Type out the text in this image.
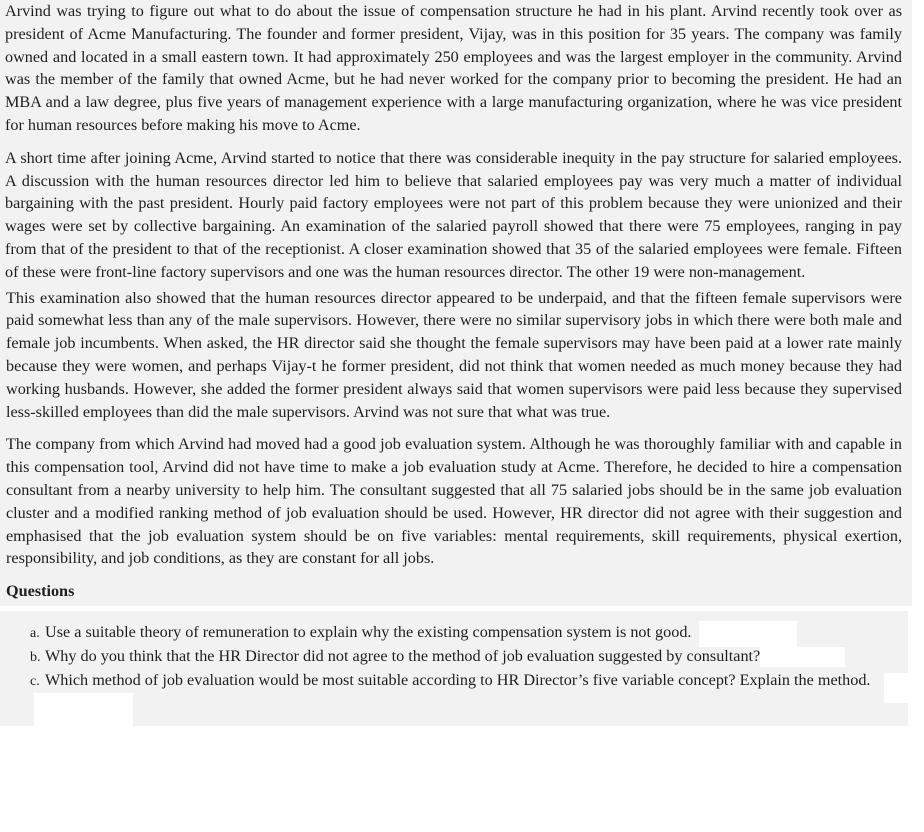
Arvind was trying to figure out what to do about the issue of compensation structure he had in his plant. Arvind recently took over as president of Acme Manufacturing. The founder and former president, Vijay, was in this position for 35 years. The company was family owned and located in a small eastern town. It had approximately 250 employees and was the largest employer in the community. Arvind was the member of the family that owned Acme, but he had never worked for the company prior to becoming the president. He had an MBA and a law degree, plus five years of management experience with a large manufacturing organization, where he was vice president for human resources before making his move to Acme.

A short time after joining Acme, Arvind started to notice that there was considerable inequity in the pay structure for salaried employees. A discussion with the human resources director led him to believe that salaried employees pay was very much a matter of individual bargaining with the past president. Hourly paid factory employees were not part of this problem because they were unionized and their wages were set by collective bargaining. An examination of the salaried payroll showed that there were 75 employees, ranging in pay from that of the president to that of the receptionist. A closer examination showed that 35 of the salaried employees were female. Fifteen of these were front-line factory supervisors and one was the human resources director. The other 19 were non-management.

This examination also showed that the human resources director appeared to be underpaid, and that the fifteen female supervisors were paid somewhat less than any of the male supervisors. However, there were no similar supervisory jobs in which there were both male and female job incumbents. When asked, the HR director said she thought the female supervisors may have been paid at a lower rate mainly because they were women, and perhaps Vijay-t he former president, did not think that women needed as much money because they had working husbands. However, she added the former president always said that women supervisors were paid less because they supervised less-skilled employees than did the male supervisors. Arvind was not sure that what was true.

The company from which Arvind had moved had a good job evaluation system. Although he was thoroughly familiar with and capable in this compensation tool, Arvind did not have time to make a job evaluation study at Acme. Therefore, he decided to hire a compensation consultant from a nearby university to help him. The consultant suggested that all 75 salaried jobs should be in the same job evaluation cluster and a modified ranking method of job evaluation should be used. However, HR director did not agree with their suggestion and emphasised that the job evaluation system should be on five variables: mental requirements, skill requirements, physical exertion, responsibility, and job conditions, as they are constant for all jobs.

Questions

a. Use a suitable theory of remuneration to explain why the existing compensation system is not good.
b. Why do you think that the HR Director did not agree to the method of job evaluation suggested by consultant?
c. Which method of job evaluation would be most suitable according to HR Director’s five variable concept? Explain the method.
